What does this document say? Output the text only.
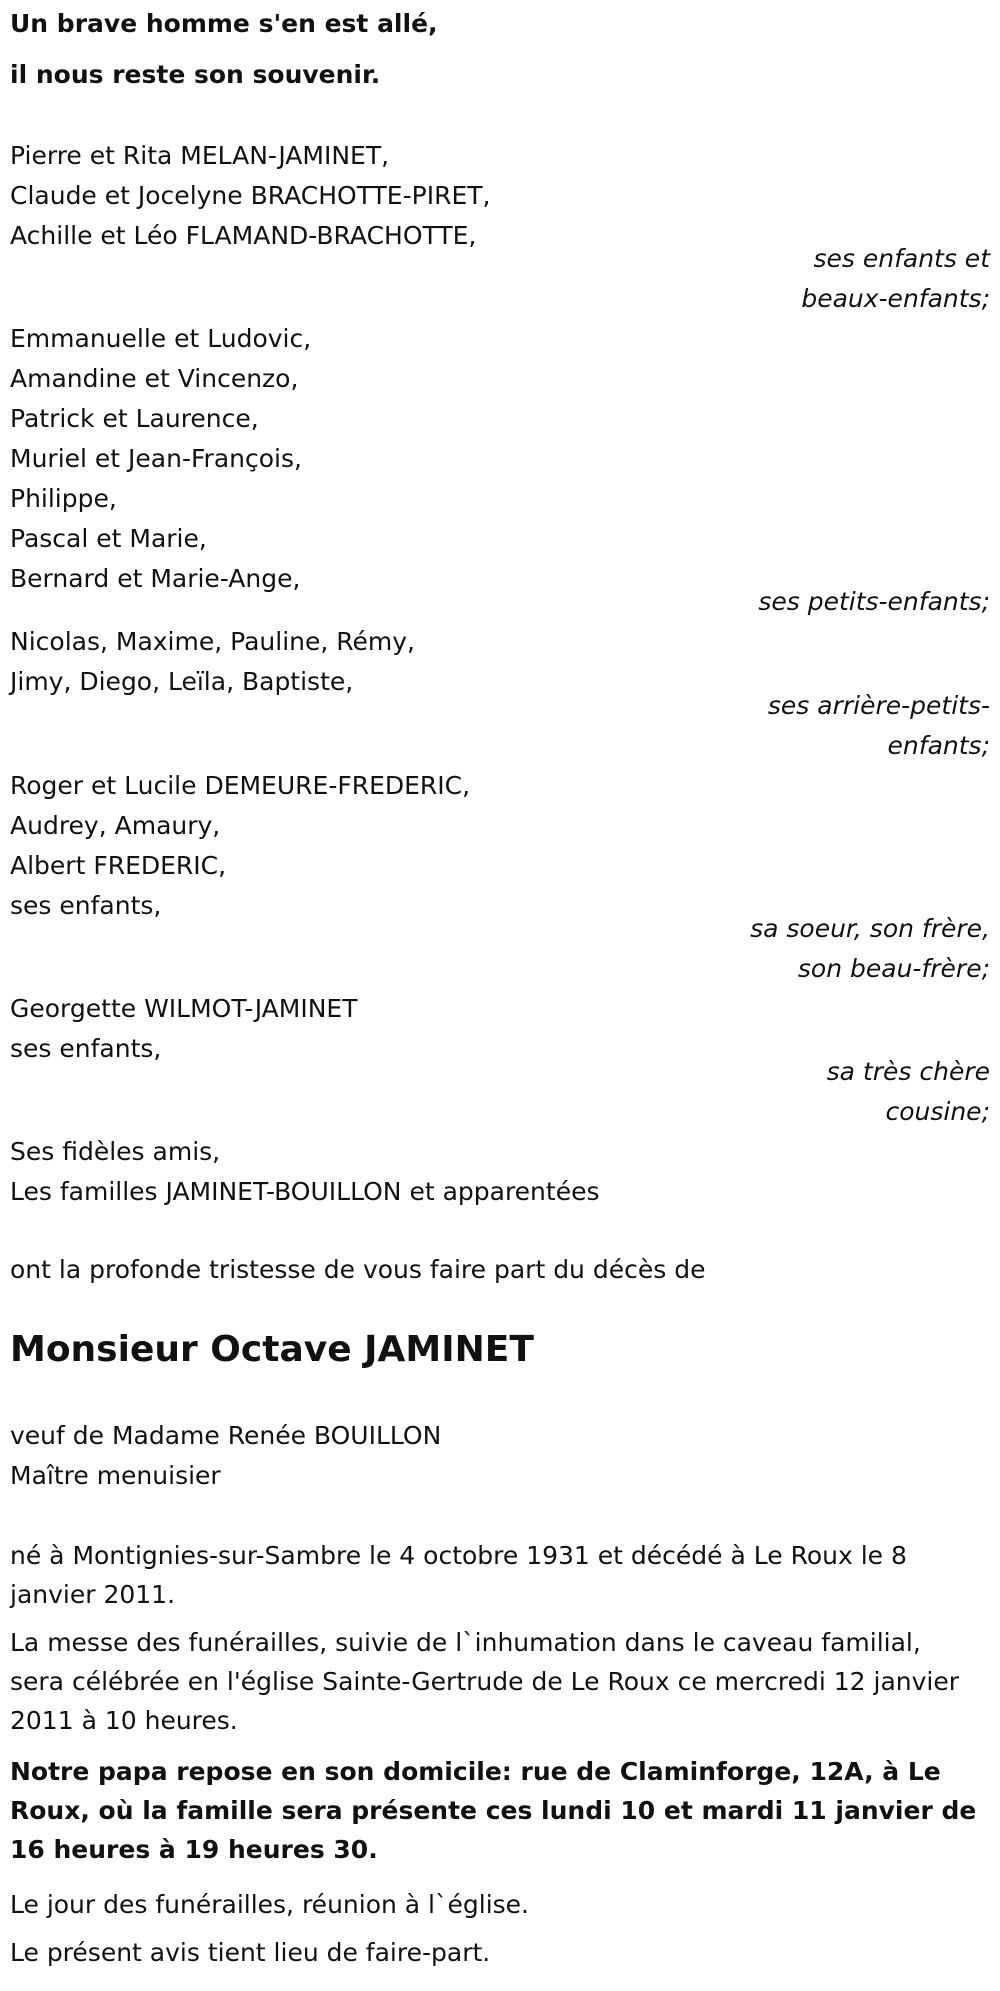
Un brave homme s'en est allé,
il nous reste son souvenir.
Pierre et Rita MELAN-JAMINET,
Claude et Jocelyne BRACHOTTE-PIRET,
Achille et Léo FLAMAND-BRACHOTTE,
ses enfants et
beaux-enfants;
Emmanuelle et Ludovic,
Amandine et Vincenzo,
Patrick et Laurence,
Muriel et Jean-François,
Philippe,
Pascal et Marie,
Bernard et Marie-Ange,
ses petits-enfants;
Nicolas, Maxime, Pauline, Rémy,
Jimy, Diego, Leïla, Baptiste,
ses arrière-petits-
enfants;
Roger et Lucile DEMEURE-FREDERIC,
Audrey, Amaury,
Albert FREDERIC,
ses enfants,
sa soeur, son frère,
son beau-frère;
Georgette WILMOT-JAMINET
ses enfants,
sa très chère
cousine;
Ses fidèles amis,
Les familles JAMINET-BOUILLON et apparentées
ont la profonde tristesse de vous faire part du décès de
Monsieur Octave JAMINET
veuf de Madame Renée BOUILLON
Maître menuisier
né à Montignies-sur-Sambre le 4 octobre 1931 et décédé à Le Roux le 8 janvier 2011.
La messe des funérailles, suivie de l`inhumation dans le caveau familial, sera célébrée en l'église Sainte-Gertrude de Le Roux ce mercredi 12 janvier 2011 à 10 heures.
Notre papa repose en son domicile: rue de Claminforge, 12A, à Le Roux, où la famille sera présente ces lundi 10 et mardi 11 janvier de 16 heures à 19 heures 30.
Le jour des funérailles, réunion à l`église.
Le présent avis tient lieu de faire-part.
